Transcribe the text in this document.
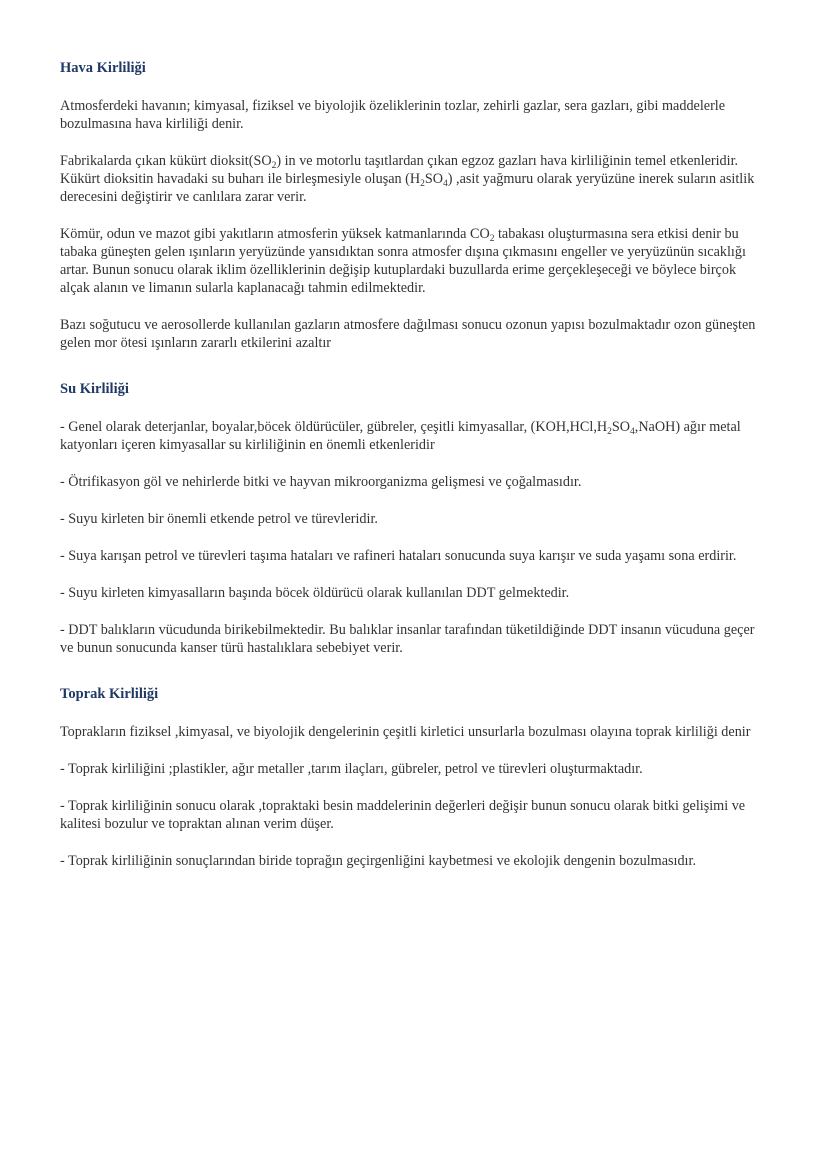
Hava Kirliliği

Atmosferdeki havanın; kimyasal, fiziksel ve biyolojik özeliklerinin tozlar, zehirli gazlar, sera gazları, gibi maddelerle bozulmasına hava kirliliği denir.

Fabrikalarda çıkan kükürt $dioksit(SO_2)$ in ve motorlu taşıtlardan çıkan egzoz gazları hava kirliliğinin temel etkenleridir. Kükürt dioksitin havadaki su buharı ile birleşmesiyle oluşan $(H_2SO_4)$ ,asit yağmuru olarak yeryüzüne inerek suların asitlik derecesini değiştirir ve canlılara zarar verir.

Kömür, odun ve mazot gibi yakıtların atmosferin yüksek katmanlarında $CO_2$ tabakası oluşturmasına sera etkisi denir bu tabaka güneşten gelen ışınların yeryüzünde yansıdıktan sonra atmosfer dışına çıkmasını engeller ve yeryüzünün sıcaklığı artar. Bunun sonucu olarak iklim özelliklerinin değişip kutuplardaki buzullarda erime gerçekleşeceği ve böylece birçok alçak alanın ve limanın sularla kaplanacağı tahmin edilmektedir.

Bazı soğutucu ve aerosollerde kullanılan gazların atmosfere dağılması sonucu ozonun yapısı bozulmaktadır ozon güneşten gelen mor ötesi ışınların zararlı etkilerini azaltır

Su Kirliliği

- Genel olarak deterjanlar, boyalar,böcek öldürücüler, gübreler, çeşitli kimyasallar, $(KOH,HCl,H_2SO_4,NaOH)$ ağır metal katyonları içeren kimyasallar su kirliliğinin en önemli etkenleridir

- Ötrifikasyon göl ve nehirlerde bitki ve hayvan mikroorganizma gelişmesi ve çoğalmasıdır.

- Suyu kirleten bir önemli etkende petrol ve türevleridir.

- Suya karışan petrol ve türevleri taşıma hataları ve rafineri hataları sonucunda suya karışır ve suda yaşamı sona erdirir.

- Suyu kirleten kimyasalların başında böcek öldürücü olarak kullanılan DDT gelmektedir.

- DDT balıkların vücudunda birikebilmektedir. Bu balıklar insanlar tarafından tüketildiğinde DDT insanın vücuduna geçer ve bunun sonucunda kanser türü hastalıklara sebebiyet verir.

Toprak Kirliliği

Toprakların fiziksel ,kimyasal, ve biyolojik dengelerinin çeşitli kirletici unsurlarla bozulması olayına toprak kirliliği denir

- Toprak kirliliğini ;plastikler, ağır metaller ,tarım ilaçları, gübreler, petrol ve türevleri oluşturmaktadır.

- Toprak kirliliğinin sonucu olarak ,topraktaki besin maddelerinin değerleri değişir bunun sonucu olarak bitki gelişimi ve kalitesi bozulur ve topraktan alınan verim düşer.

- Toprak kirliliğinin sonuçlarından biride toprağın geçirgenliğini kaybetmesi ve ekolojik dengenin bozulmasıdır.
